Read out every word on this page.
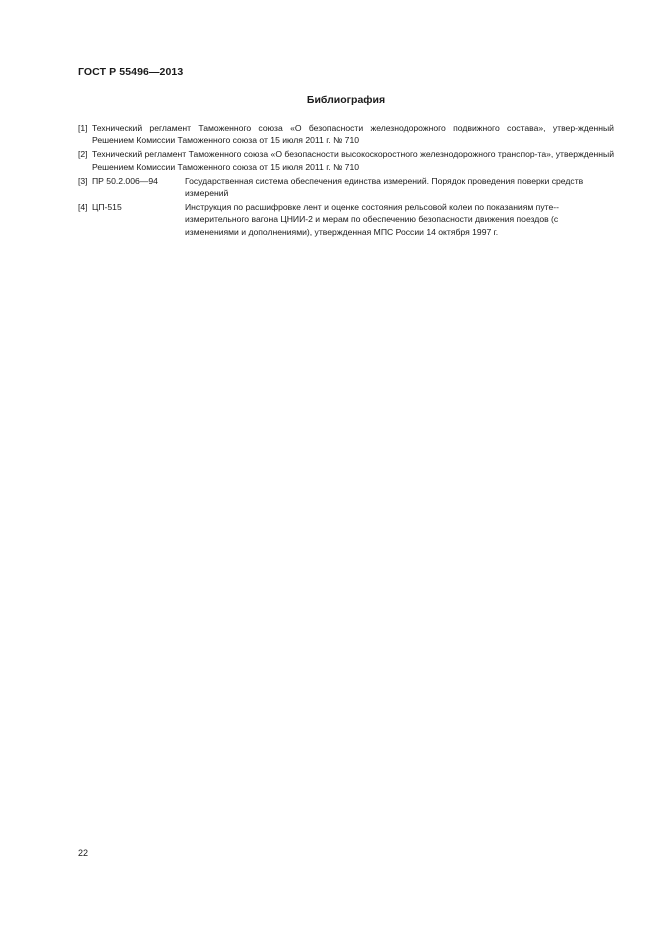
ГОСТ Р 55496—2013
Библиография
[1] Технический регламент Таможенного союза «О безопасности железнодорожного подвижного состава», утвер-жденный Решением Комиссии Таможенного союза от 15 июля 2011 г. № 710
[2] Технический регламент Таможенного союза «О безопасности высокоскоростного железнодорожного транспор-та», утвержденный Решением Комиссии Таможенного союза от 15 июля 2011 г. № 710
[3] ПР 50.2.006—94	Государственная система обеспечения единства измерений. Порядок проведения поверки средств измерений
[4] ЦП-515	Инструкция по расшифровке лент и оценке состояния рельсовой колеи по показаниям путе-измерительного вагона ЦНИИ-2 и мерам по обеспечению безопасности движения поездов (с изменениями и дополнениями), утвержденная МПС России 14 октября 1997 г.
22
